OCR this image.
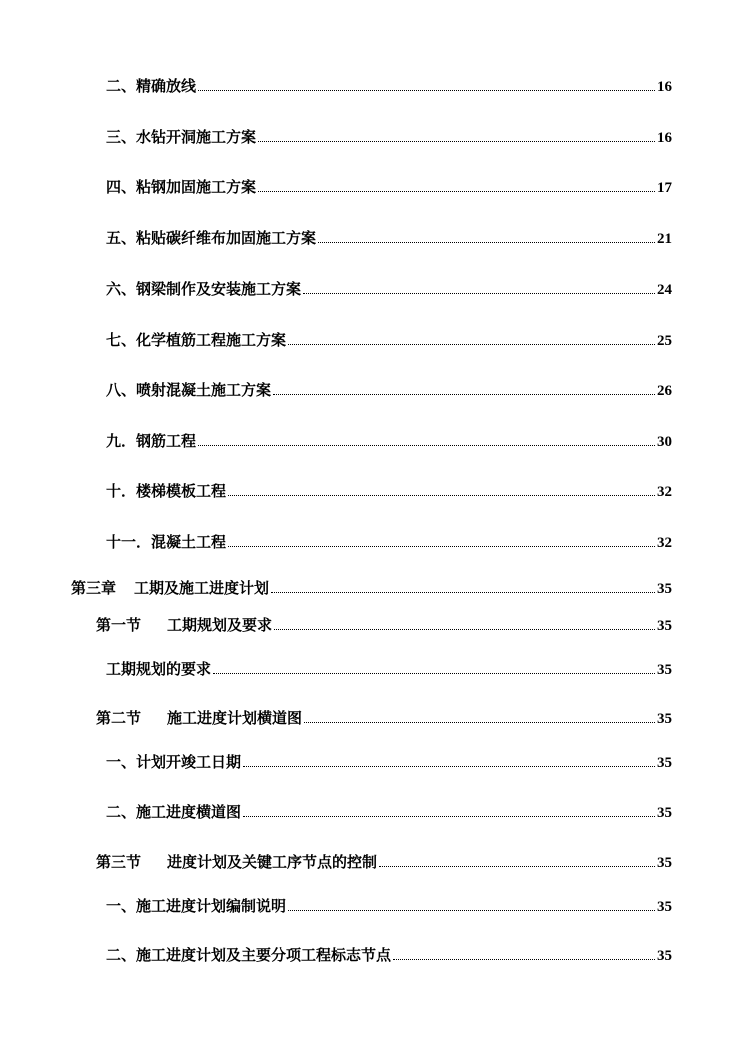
二、精确放线	16
三、水钻开洞施工方案	16
四、粘钢加固施工方案	17
五、粘贴碳纤维布加固施工方案	21
六、钢梁制作及安装施工方案	24
七、化学植筋工程施工方案	25
八、喷射混凝土施工方案	26
九．钢筋工程	30
十．楼梯模板工程	32
十一．混凝土工程	32
第三章 工期及施工进度计划	35
第一节 工期规划及要求	35
工期规划的要求	35
第二节 施工进度计划横道图	35
一、计划开竣工日期	35
二、施工进度横道图	35
第三节 进度计划及关键工序节点的控制	35
一、施工进度计划编制说明	35
二、施工进度计划及主要分项工程标志节点	35
